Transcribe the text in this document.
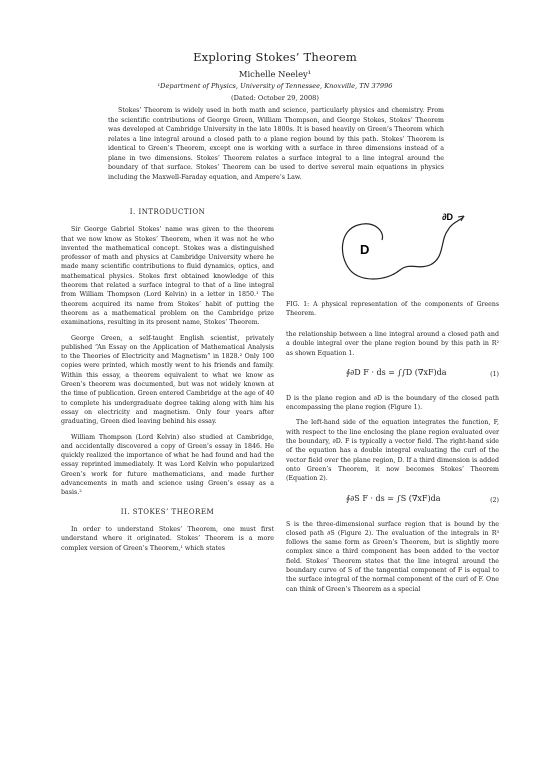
Exploring Stokes’ Theorem
Michelle Neeley¹
¹Department of Physics, University of Tennessee, Knoxville, TN 37996
(Dated: October 29, 2008)
Stokes’ Theorem is widely used in both math and science, particularly physics and chemistry. From the scientific contributions of George Green, William Thompson, and George Stokes, Stokes’ Theorem was developed at Cambridge University in the late 1800s. It is based heavily on Green’s Theorem which relates a line integral around a closed path to a plane region bound by this path. Stokes’ Theorem is identical to Green’s Theorem, except one is working with a surface in three dimensions instead of a plane in two dimensions. Stokes’ Theorem relates a surface integral to a line integral around the boundary of that surface. Stokes’ Theorem can be used to derive several main equations in physics including the Maxwell-Faraday equation, and Ampere’s Law.
I. INTRODUCTION

Sir George Gabriel Stokes’ name was given to the theorem that we now know as Stokes’ Theorem, when it was not he who invented the mathematical concept. Stokes was a distinguished professor of math and physics at Cambridge University where he made many scientific contributions to fluid dynamics, optics, and mathematical physics. Stokes first obtained knowledge of this theorem that related a surface integral to that of a line integral from William Thompson (Lord Kelvin) in a letter in 1850.¹ The theorem acquired its name from Stokes’ habit of putting the theorem as a mathematical problem on the Cambridge prize examinations, resulting in its present name, Stokes’ Theorem.

George Green, a self-taught English scientist, privately published “An Essay on the Application of Mathematical Analysis to the Theories of Electricity and Magnetism” in 1828.² Only 100 copies were printed, which mostly went to his friends and family. Within this essay, a theorem equivalent to what we know as Green’s theorem was documented, but was not widely known at the time of publication. Green entered Cambridge at the age of 40 to complete his undergraduate degree taking along with him his essay on electricity and magnetism. Only four years after graduating, Green died leaving behind his essay.

William Thompson (Lord Kelvin) also studied at Cambridge, and accidentally discovered a copy of Green’s essay in 1846. He quickly realized the importance of what he had found and had the essay reprinted immediately. It was Lord Kelvin who popularized Green’s work for future mathematicians, and made further advancements in math and science using Green’s essay as a basis.²

II. STOKES’ THEOREM

In order to understand Stokes’ Theorem, one must first understand where it originated. Stokes’ Theorem is a more complex version of Green’s Theorem,¹ which states

D
∂D
FIG. 1: A physical representation of the components of Greens Theorem.

the relationship between a line integral around a closed path and a double integral over the plane region bound by this path in R² as shown Equation 1.

∮∂D F · ds = ∫∫D (∇xF)da	(1)

D is the plane region and ∂D is the boundary of the closed path encompassing the plane region (Figure 1).

The left-hand side of the equation integrates the function, F, with respect to the line enclosing the plane region evaluated over the boundary, ∂D. F is typically a vector field. The right-hand side of the equation has a double integral evaluating the curl of the vector field over the plane region, D. If a third dimension is added onto Green’s Theorem, it now becomes Stokes’ Theorem (Equation 2).

∮∂S F · ds = ∫S (∇xF)da	(2)

S is the three-dimensional surface region that is bound by the closed path ∂S (Figure 2). The evaluation of the integrals in R³ follows the same form as Green’s Theorem, but is slightly more complex since a third component has been added to the vector field. Stokes’ Theorem states that the line integral around the boundary curve of S of the tangential component of F is equal to the surface integral of the normal component of the curl of F. One can think of Green’s Theorem as a special
